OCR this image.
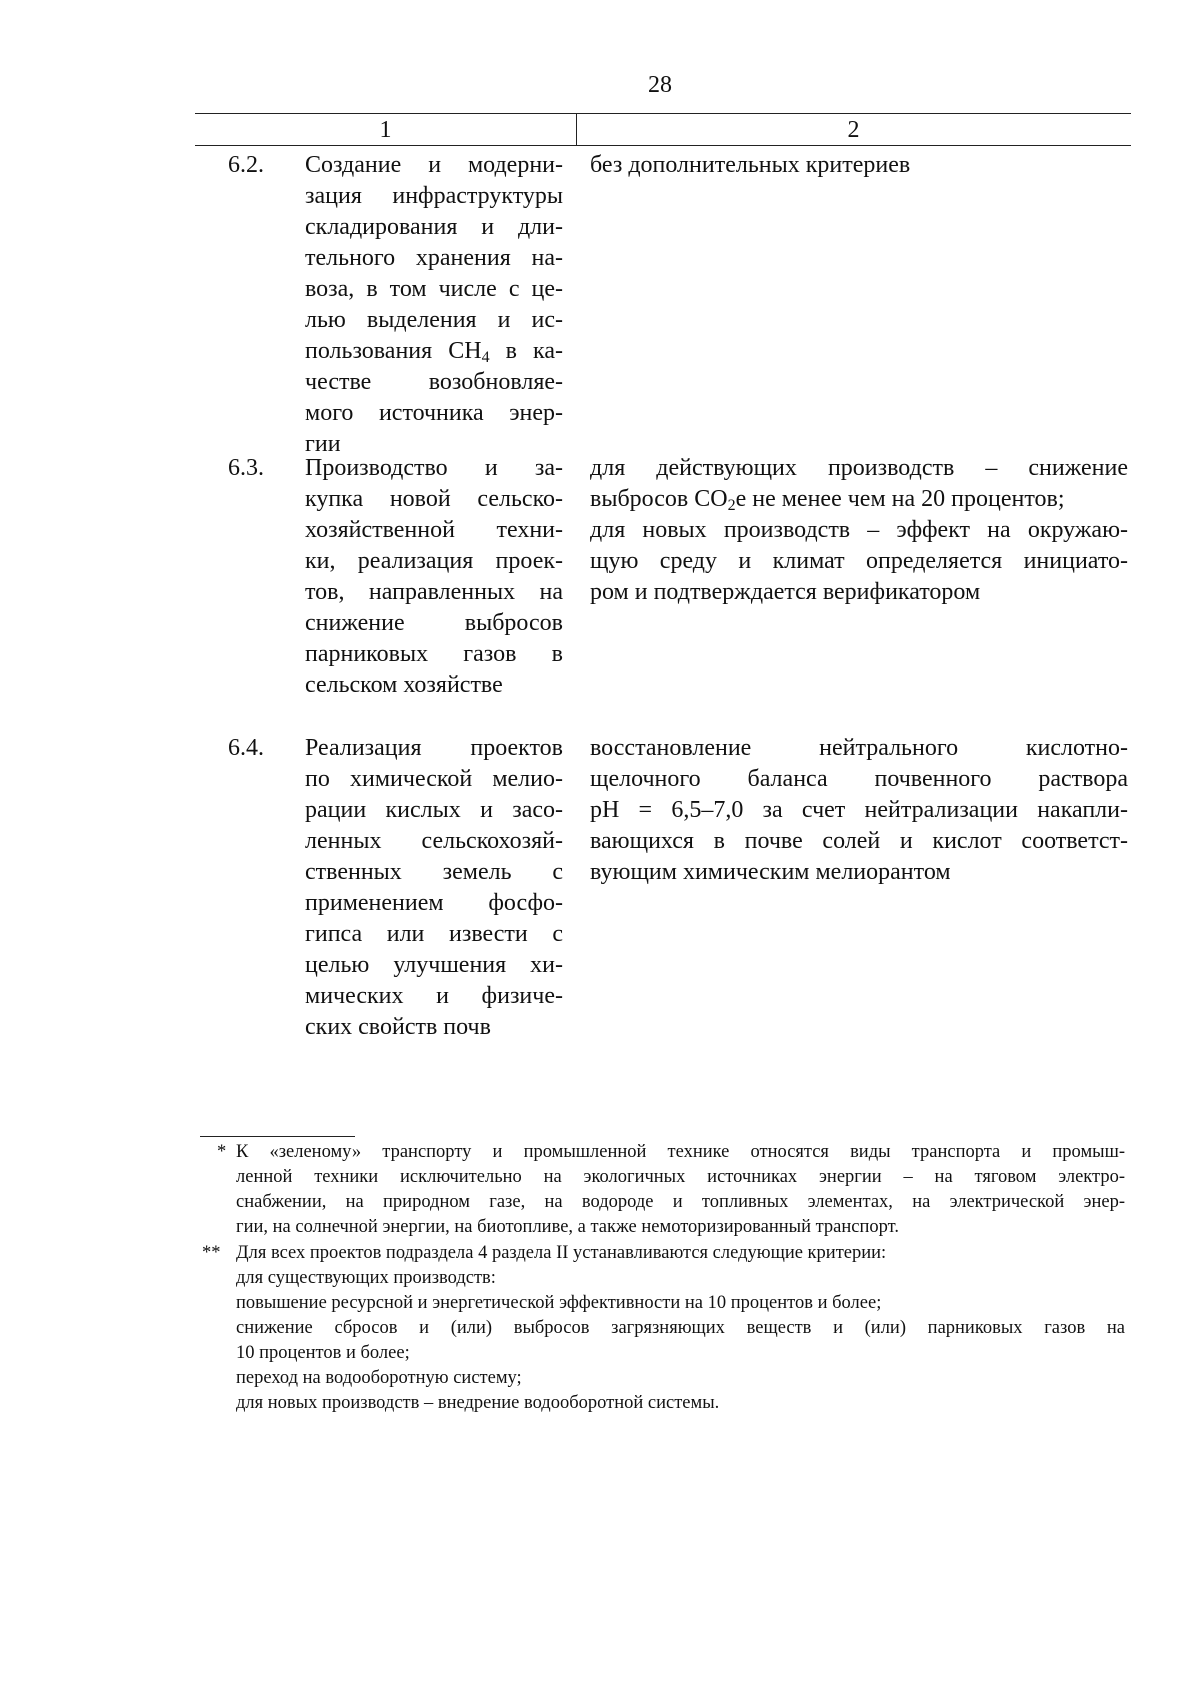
28
1	2
6.2. Создание и модерни-
зация инфраструктуры
складирования и дли-
тельного хранения на-
воза, в том числе с це-
лью выделения и ис-
пользования $CH_4$ в ка-
честве возобновляе-
мого источника энер-
гии
без дополнительных критериев
6.3. Производство и за-
купка новой сельско-
хозяйственной техни-
ки, реализация проек-
тов, направленных на
снижение выбросов
парниковых газов в
сельском хозяйстве
для действующих производств – снижение
выбросов $CO_2e$ не менее чем на 20 процентов;
для новых производств – эффект на окружаю-
щую среду и климат определяется инициато-
ром и подтверждается верификатором
6.4. Реализация проектов
по химической мелио-
рации кислых и засо-
ленных сельскохозяй-
ственных земель с
применением фосфо-
гипса или извести с
целью улучшения хи-
мических и физиче-
ских свойств почв
восстановление нейтрального кислотно-
щелочного баланса почвенного раствора
pH = 6,5–7,0 за счет нейтрализации накапли-
вающихся в почве солей и кислот соответст-
вующим химическим мелиорантом
* К «зеленому» транспорту и промышленной технике относятся виды транспорта и промыш-
ленной техники исключительно на экологичных источниках энергии – на тяговом электро-
снабжении, на природном газе, на водороде и топливных элементах, на электрической энер-
гии, на солнечной энергии, на биотопливе, а также немоторизированный транспорт.
** Для всех проектов подраздела 4 раздела II устанавливаются следующие критерии:
для существующих производств:
повышение ресурсной и энергетической эффективности на 10 процентов и более;
снижение сбросов и (или) выбросов загрязняющих веществ и (или) парниковых газов на
10 процентов и более;
переход на водооборотную систему;
для новых производств – внедрение водооборотной системы.
